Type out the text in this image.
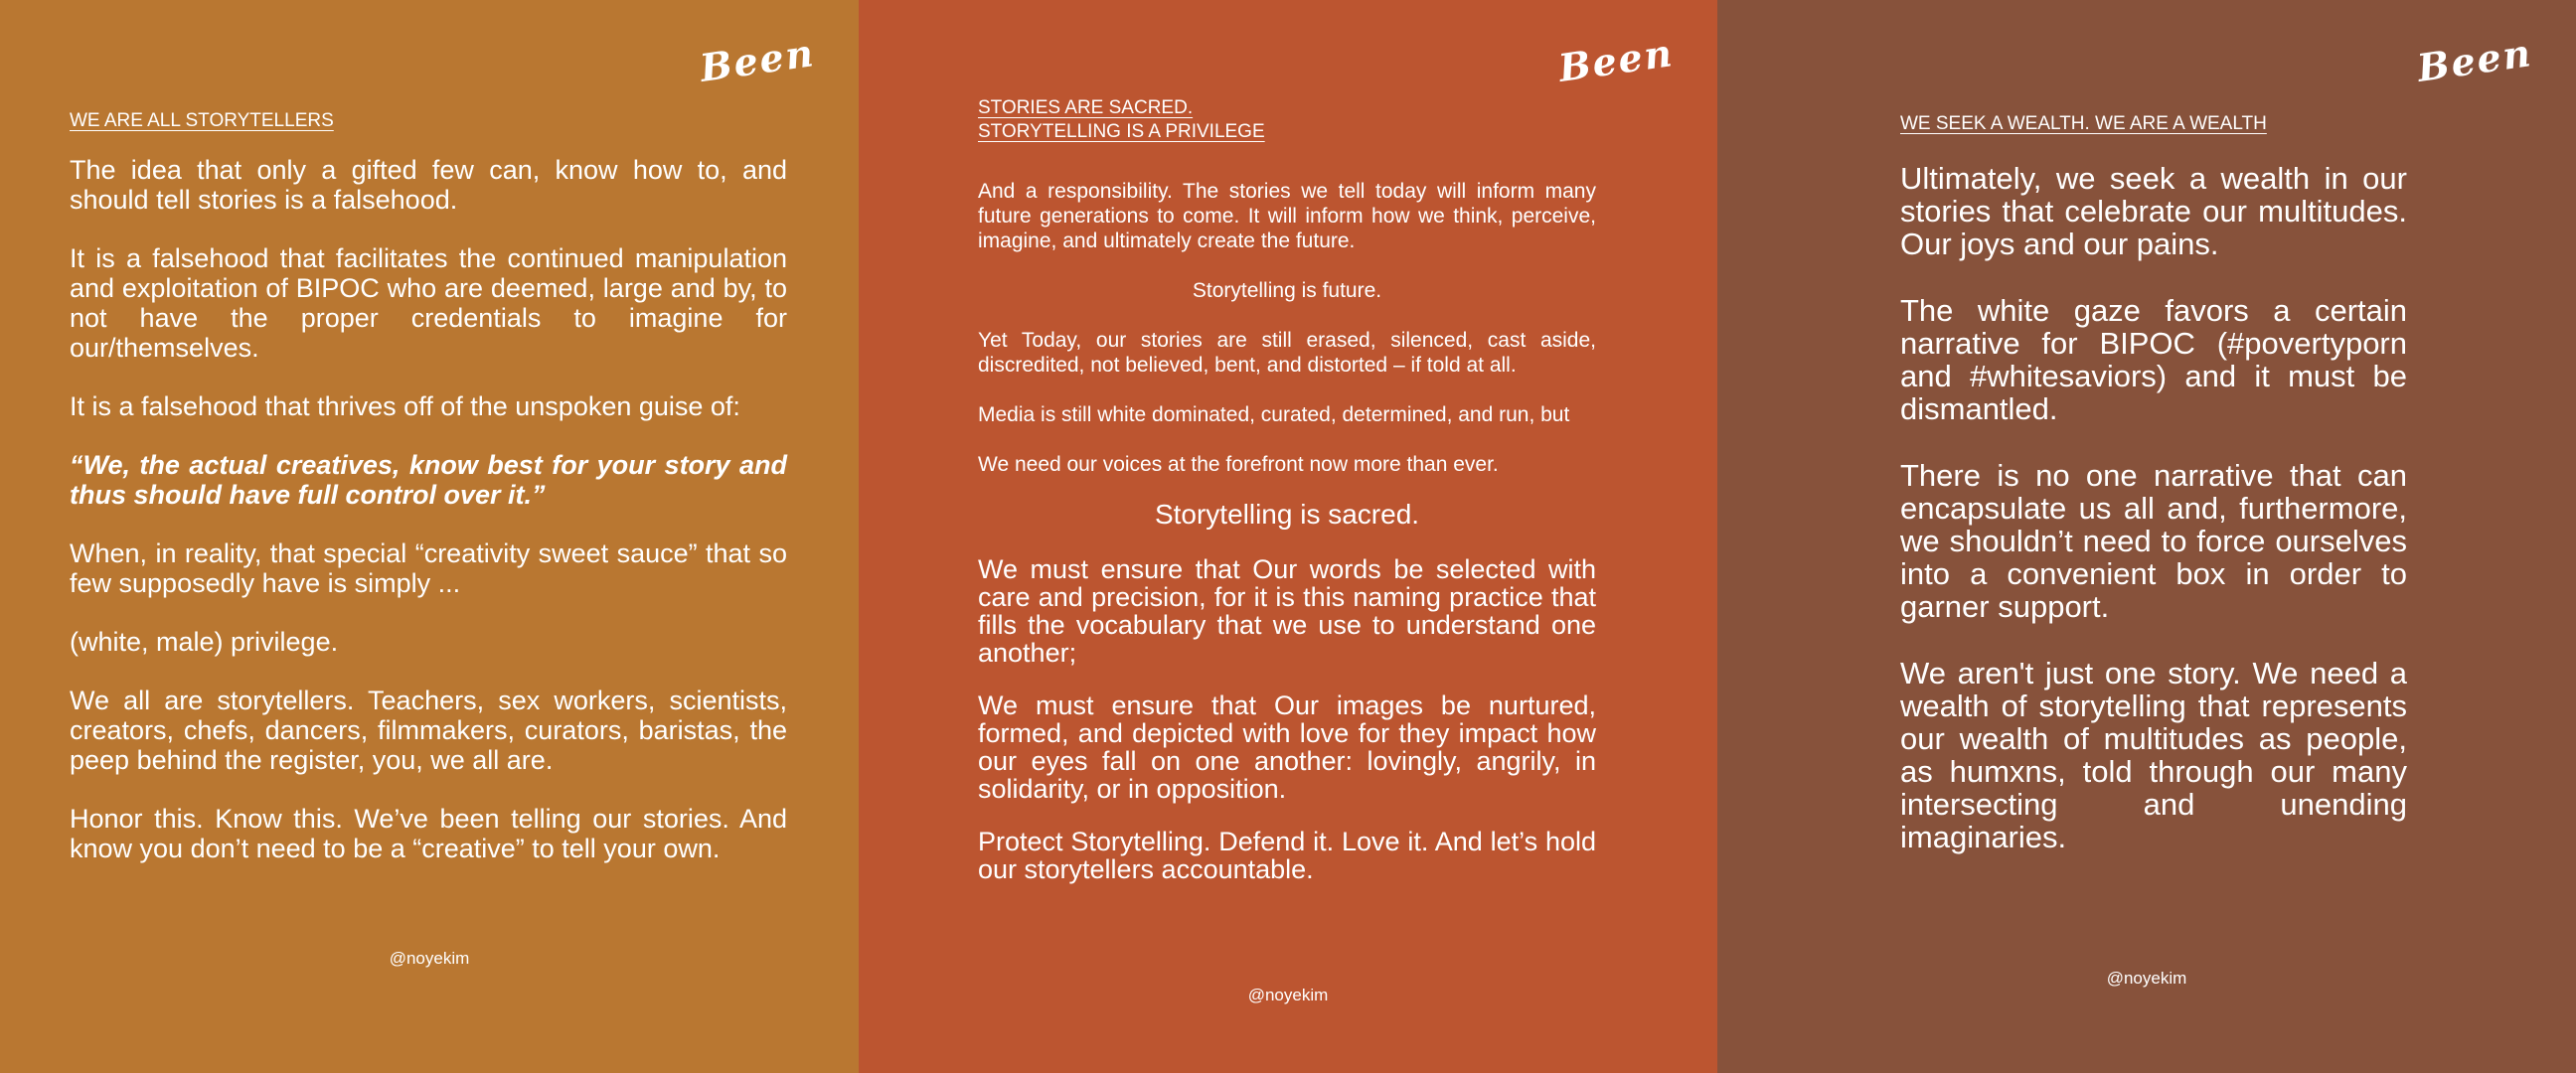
Been

WE ARE ALL STORYTELLERS

The idea that only a gifted few can, know how to, and should tell stories is a falsehood.

It is a falsehood that facilitates the continued manipulation and exploitation of BIPOC who are deemed, large and by, to not have the proper credentials to imagine for our/themselves.

It is a falsehood that thrives off of the unspoken guise of:

“We, the actual creatives, know best for your story and thus should have full control over it.”

When, in reality, that special “creativity sweet sauce” that so few supposedly have is simply ...

(white, male) privilege.

We all are storytellers. Teachers, sex workers, scientists, creators, chefs, dancers, filmmakers, curators, baristas, the peep behind the register, you, we all are.

Honor this. Know this. We’ve been telling our stories. And know you don’t need to be a “creative” to tell your own.

@noyekim
Been

STORIES ARE SACRED.

STORYTELLING IS A PRIVILEGE

And a responsibility. The stories we tell today will inform many future generations to come. It will inform how we think, perceive, imagine, and ultimately create the future.

Storytelling is future.

Yet Today, our stories are still erased, silenced, cast aside, discredited, not believed, bent, and distorted – if told at all.

Media is still white dominated, curated, determined, and run, but

We need our voices at the forefront now more than ever.

Storytelling is sacred.

We must ensure that Our words be selected with care and precision, for it is this naming practice that fills the vocabulary that we use to understand one another;

We must ensure that Our images be nurtured, formed, and depicted with love for they impact how our eyes fall on one another: lovingly, angrily, in solidarity, or in opposition.

Protect Storytelling. Defend it. Love it. And let’s hold our storytellers accountable.

@noyekim
Been

WE SEEK A WEALTH. WE ARE A WEALTH

Ultimately, we seek a wealth in our stories that celebrate our multitudes. Our joys and our pains.

The white gaze favors a certain narrative for BIPOC (#povertyporn and #whitesaviors) and it must be dismantled.

There is no one narrative that can encapsulate us all and, furthermore, we shouldn’t need to force ourselves into a convenient box in order to garner support.

We aren't just one story. We need a wealth of storytelling that represents our wealth of multitudes as people, as humxns, told through our many intersecting and unending imaginaries.

@noyekim
